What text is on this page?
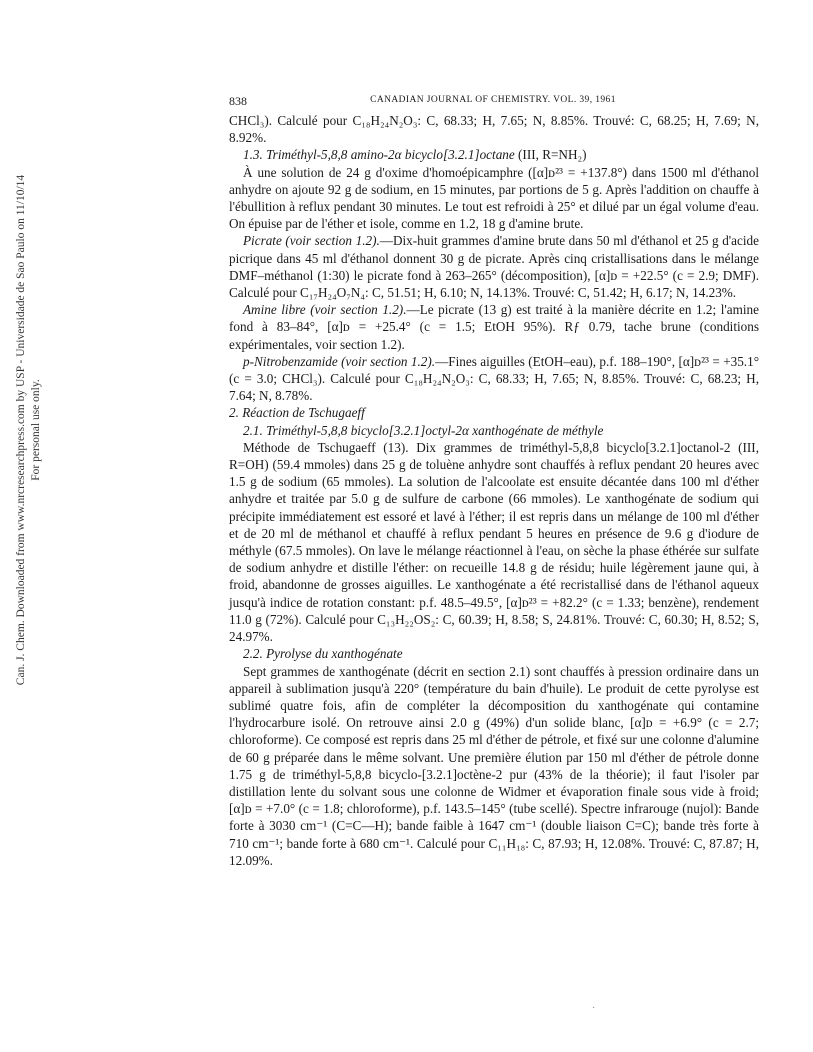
Can. J. Chem. Downloaded from www.nrcresearchpress.com by USP - Universidade de Sao Paulo on 11/10/14 For personal use only.
838	CANADIAN JOURNAL OF CHEMISTRY. VOL. 39, 1961

CHCl₃). Calculé pour C₁₈H₂₄N₂O₃: C, 68.33; H, 7.65; N, 8.85%. Trouvé: C, 68.25; H, 7.69; N, 8.92%.

1.3. Triméthyl-5,8,8 amino-2α bicyclo[3.2.1]octane (III, R=NH₂)

À une solution de 24 g d'oxime d'homoépicamphre ([α]ᴅ²³ = +137.8°) dans 1500 ml d'éthanol anhydre on ajoute 92 g de sodium, en 15 minutes, par portions de 5 g. Après l'addition on chauffe à l'ébullition à reflux pendant 30 minutes. Le tout est refroidi à 25° et dilué par un égal volume d'eau. On épuise par de l'éther et isole, comme en 1.2, 18 g d'amine brute.

Picrate (voir section 1.2).—Dix-huit grammes d'amine brute dans 50 ml d'éthanol et 25 g d'acide picrique dans 45 ml d'éthanol donnent 30 g de picrate. Après cinq cristallisations dans le mélange DMF–méthanol (1:30) le picrate fond à 263–265° (décomposition), [α]ᴅ = +22.5° (c = 2.9; DMF). Calculé pour C₁₇H₂₄O₇N₄: C, 51.51; H, 6.10; N, 14.13%. Trouvé: C, 51.42; H, 6.17; N, 14.23%.

Amine libre (voir section 1.2).—Le picrate (13 g) est traité à la manière décrite en 1.2; l'amine fond à 83–84°, [α]ᴅ = +25.4° (c = 1.5; EtOH 95%). Rƒ 0.79, tache brune (conditions expérimentales, voir section 1.2).

p-Nitrobenzamide (voir section 1.2).—Fines aiguilles (EtOH–eau), p.f. 188–190°, [α]ᴅ²³ = +35.1° (c = 3.0; CHCl₃). Calculé pour C₁₈H₂₄N₂O₃: C, 68.33; H, 7.65; N, 8.85%. Trouvé: C, 68.23; H, 7.64; N, 8.78%.

2. Réaction de Tschugaeff

2.1. Triméthyl-5,8,8 bicyclo[3.2.1]octyl-2α xanthogénate de méthyle

Méthode de Tschugaeff (13). Dix grammes de triméthyl-5,8,8 bicyclo[3.2.1]octanol-2 (III, R=OH) (59.4 mmoles) dans 25 g de toluène anhydre sont chauffés à reflux pendant 20 heures avec 1.5 g de sodium (65 mmoles). La solution de l'alcoolate est ensuite décantée dans 100 ml d'éther anhydre et traitée par 5.0 g de sulfure de carbone (66 mmoles). Le xanthogénate de sodium qui précipite immédiatement est essoré et lavé à l'éther; il est repris dans un mélange de 100 ml d'éther et de 20 ml de méthanol et chauffé à reflux pendant 5 heures en présence de 9.6 g d'iodure de méthyle (67.5 mmoles). On lave le mélange réactionnel à l'eau, on sèche la phase éthérée sur sulfate de sodium anhydre et distille l'éther: on recueille 14.8 g de résidu; huile légèrement jaune qui, à froid, abandonne de grosses aiguilles. Le xanthogénate a été recristallisé dans de l'éthanol aqueux jusqu'à indice de rotation constant: p.f. 48.5–49.5°, [α]ᴅ²³ = +82.2° (c = 1.33; benzène), rendement 11.0 g (72%). Calculé pour C₁₃H₂₂OS₂: C, 60.39; H, 8.58; S, 24.81%. Trouvé: C, 60.30; H, 8.52; S, 24.97%.

2.2. Pyrolyse du xanthogénate

Sept grammes de xanthogénate (décrit en section 2.1) sont chauffés à pression ordinaire dans un appareil à sublimation jusqu'à 220° (température du bain d'huile). Le produit de cette pyrolyse est sublimé quatre fois, afin de compléter la décomposition du xanthogénate qui contamine l'hydrocarbure isolé. On retrouve ainsi 2.0 g (49%) d'un solide blanc, [α]ᴅ = +6.9° (c = 2.7; chloroforme). Ce composé est repris dans 25 ml d'éther de pétrole, et fixé sur une colonne d'alumine de 60 g préparée dans le même solvant. Une première élution par 150 ml d'éther de pétrole donne 1.75 g de triméthyl-5,8,8 bicyclo-[3.2.1]octène-2 pur (43% de la théorie); il faut l'isoler par distillation lente du solvant sous une colonne de Widmer et évaporation finale sous vide à froid; [α]ᴅ = +7.0° (c = 1.8; chloroforme), p.f. 143.5–145° (tube scellé). Spectre infrarouge (nujol): Bande forte à 3030 cm⁻¹ (C=C—H); bande faible à 1647 cm⁻¹ (double liaison C=C); bande très forte à 710 cm⁻¹; bande forte à 680 cm⁻¹. Calculé pour C₁₁H₁₈: C, 87.93; H, 12.08%. Trouvé: C, 87.87; H, 12.09%.

·
